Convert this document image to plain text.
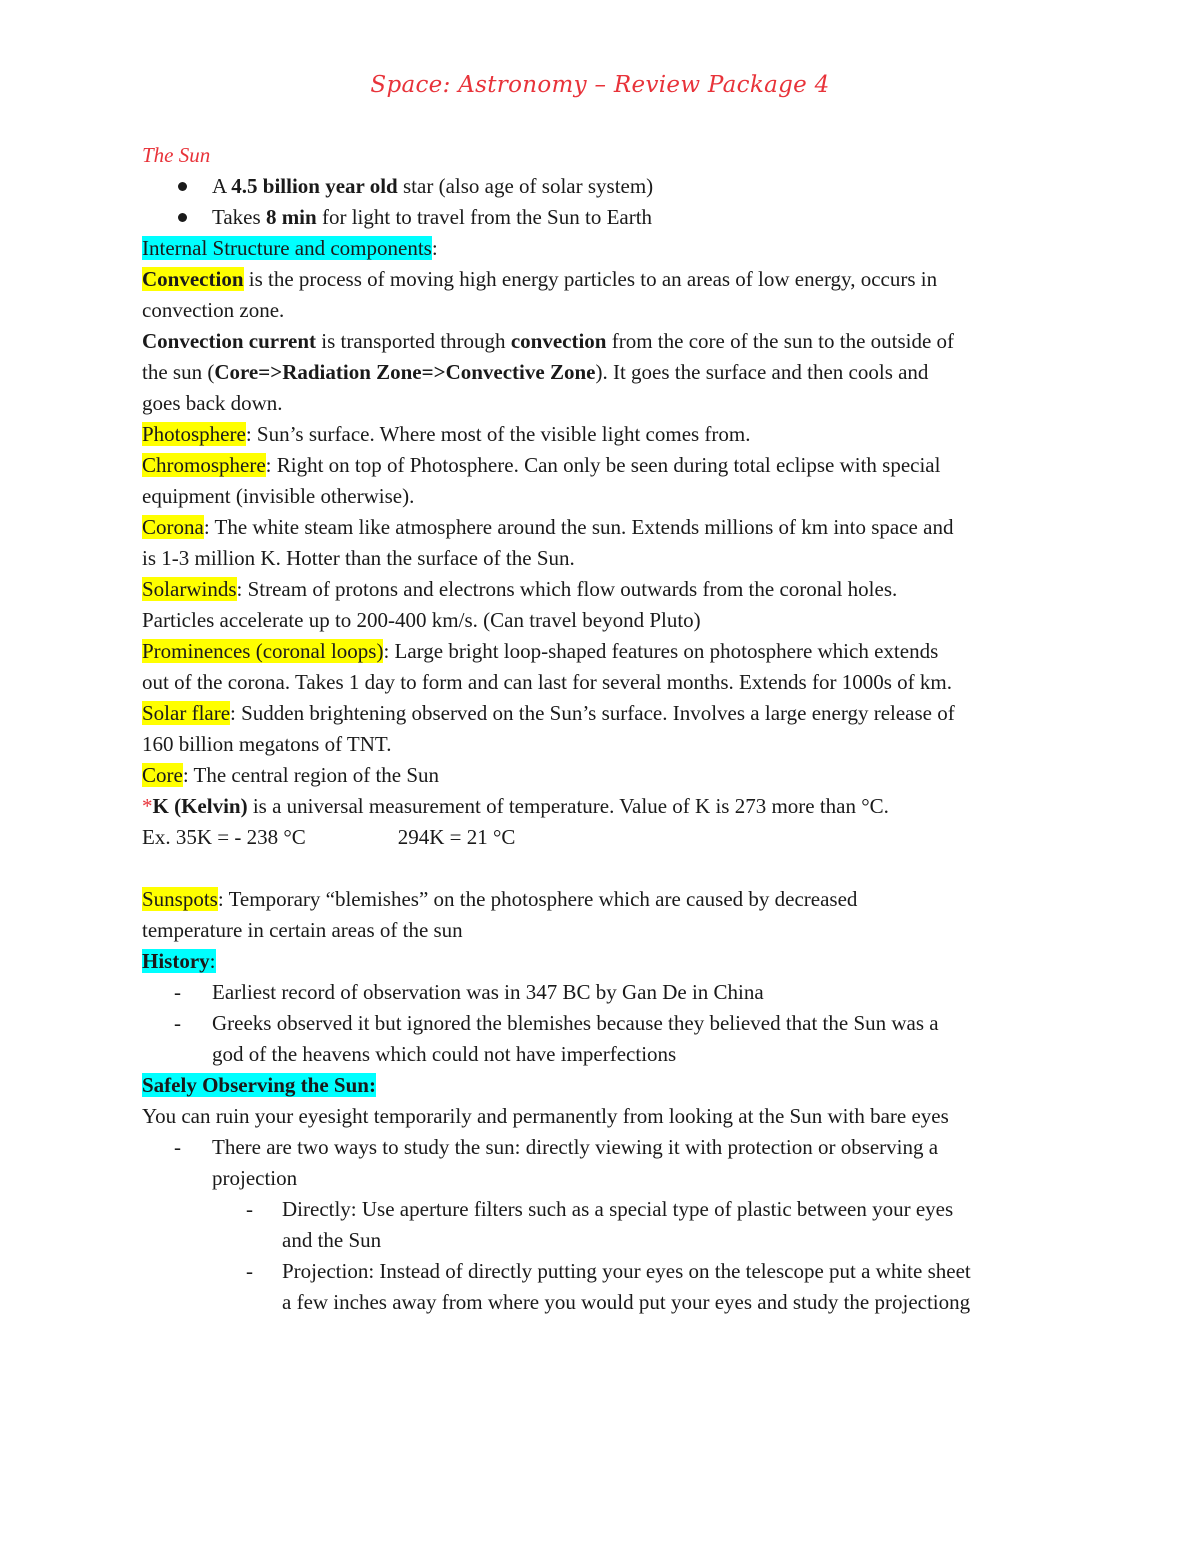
Space: Astronomy – Review Package 4
The Sun
A 4.5 billion year old star (also age of solar system)
Takes 8 min for light to travel from the Sun to Earth
Internal Structure and components:
Convection is the process of moving high energy particles to an areas of low energy, occurs in
convection zone.
Convection current is transported through convection from the core of the sun to the outside of
the sun (Core=>Radiation Zone=>Convective Zone). It goes the surface and then cools and
goes back down.
Photosphere: Sun’s surface. Where most of the visible light comes from.
Chromosphere: Right on top of Photosphere. Can only be seen during total eclipse with special
equipment (invisible otherwise).
Corona: The white steam like atmosphere around the sun. Extends millions of km into space and
is 1-3 million K. Hotter than the surface of the Sun.
Solarwinds: Stream of protons and electrons which flow outwards from the coronal holes.
Particles accelerate up to 200-400 km/s. (Can travel beyond Pluto)
Prominences (coronal loops): Large bright loop-shaped features on photosphere which extends
out of the corona. Takes 1 day to form and can last for several months. Extends for 1000s of km.
Solar flare: Sudden brightening observed on the Sun’s surface. Involves a large energy release of
160 billion megatons of TNT.
Core: The central region of the Sun
*K (Kelvin) is a universal measurement of temperature. Value of K is 273 more than °C.
Ex. 35K = - 238 °C	294K = 21 °C
Sunspots: Temporary “blemishes” on the photosphere which are caused by decreased
temperature in certain areas of the sun
History:
- Earliest record of observation was in 347 BC by Gan De in China
- Greeks observed it but ignored the blemishes because they believed that the Sun was a
god of the heavens which could not have imperfections
Safely Observing the Sun:
You can ruin your eyesight temporarily and permanently from looking at the Sun with bare eyes
- There are two ways to study the sun: directly viewing it with protection or observing a
projection
- Directly: Use aperture filters such as a special type of plastic between your eyes
and the Sun
- Projection: Instead of directly putting your eyes on the telescope put a white sheet
a few inches away from where you would put your eyes and study the projectiong
